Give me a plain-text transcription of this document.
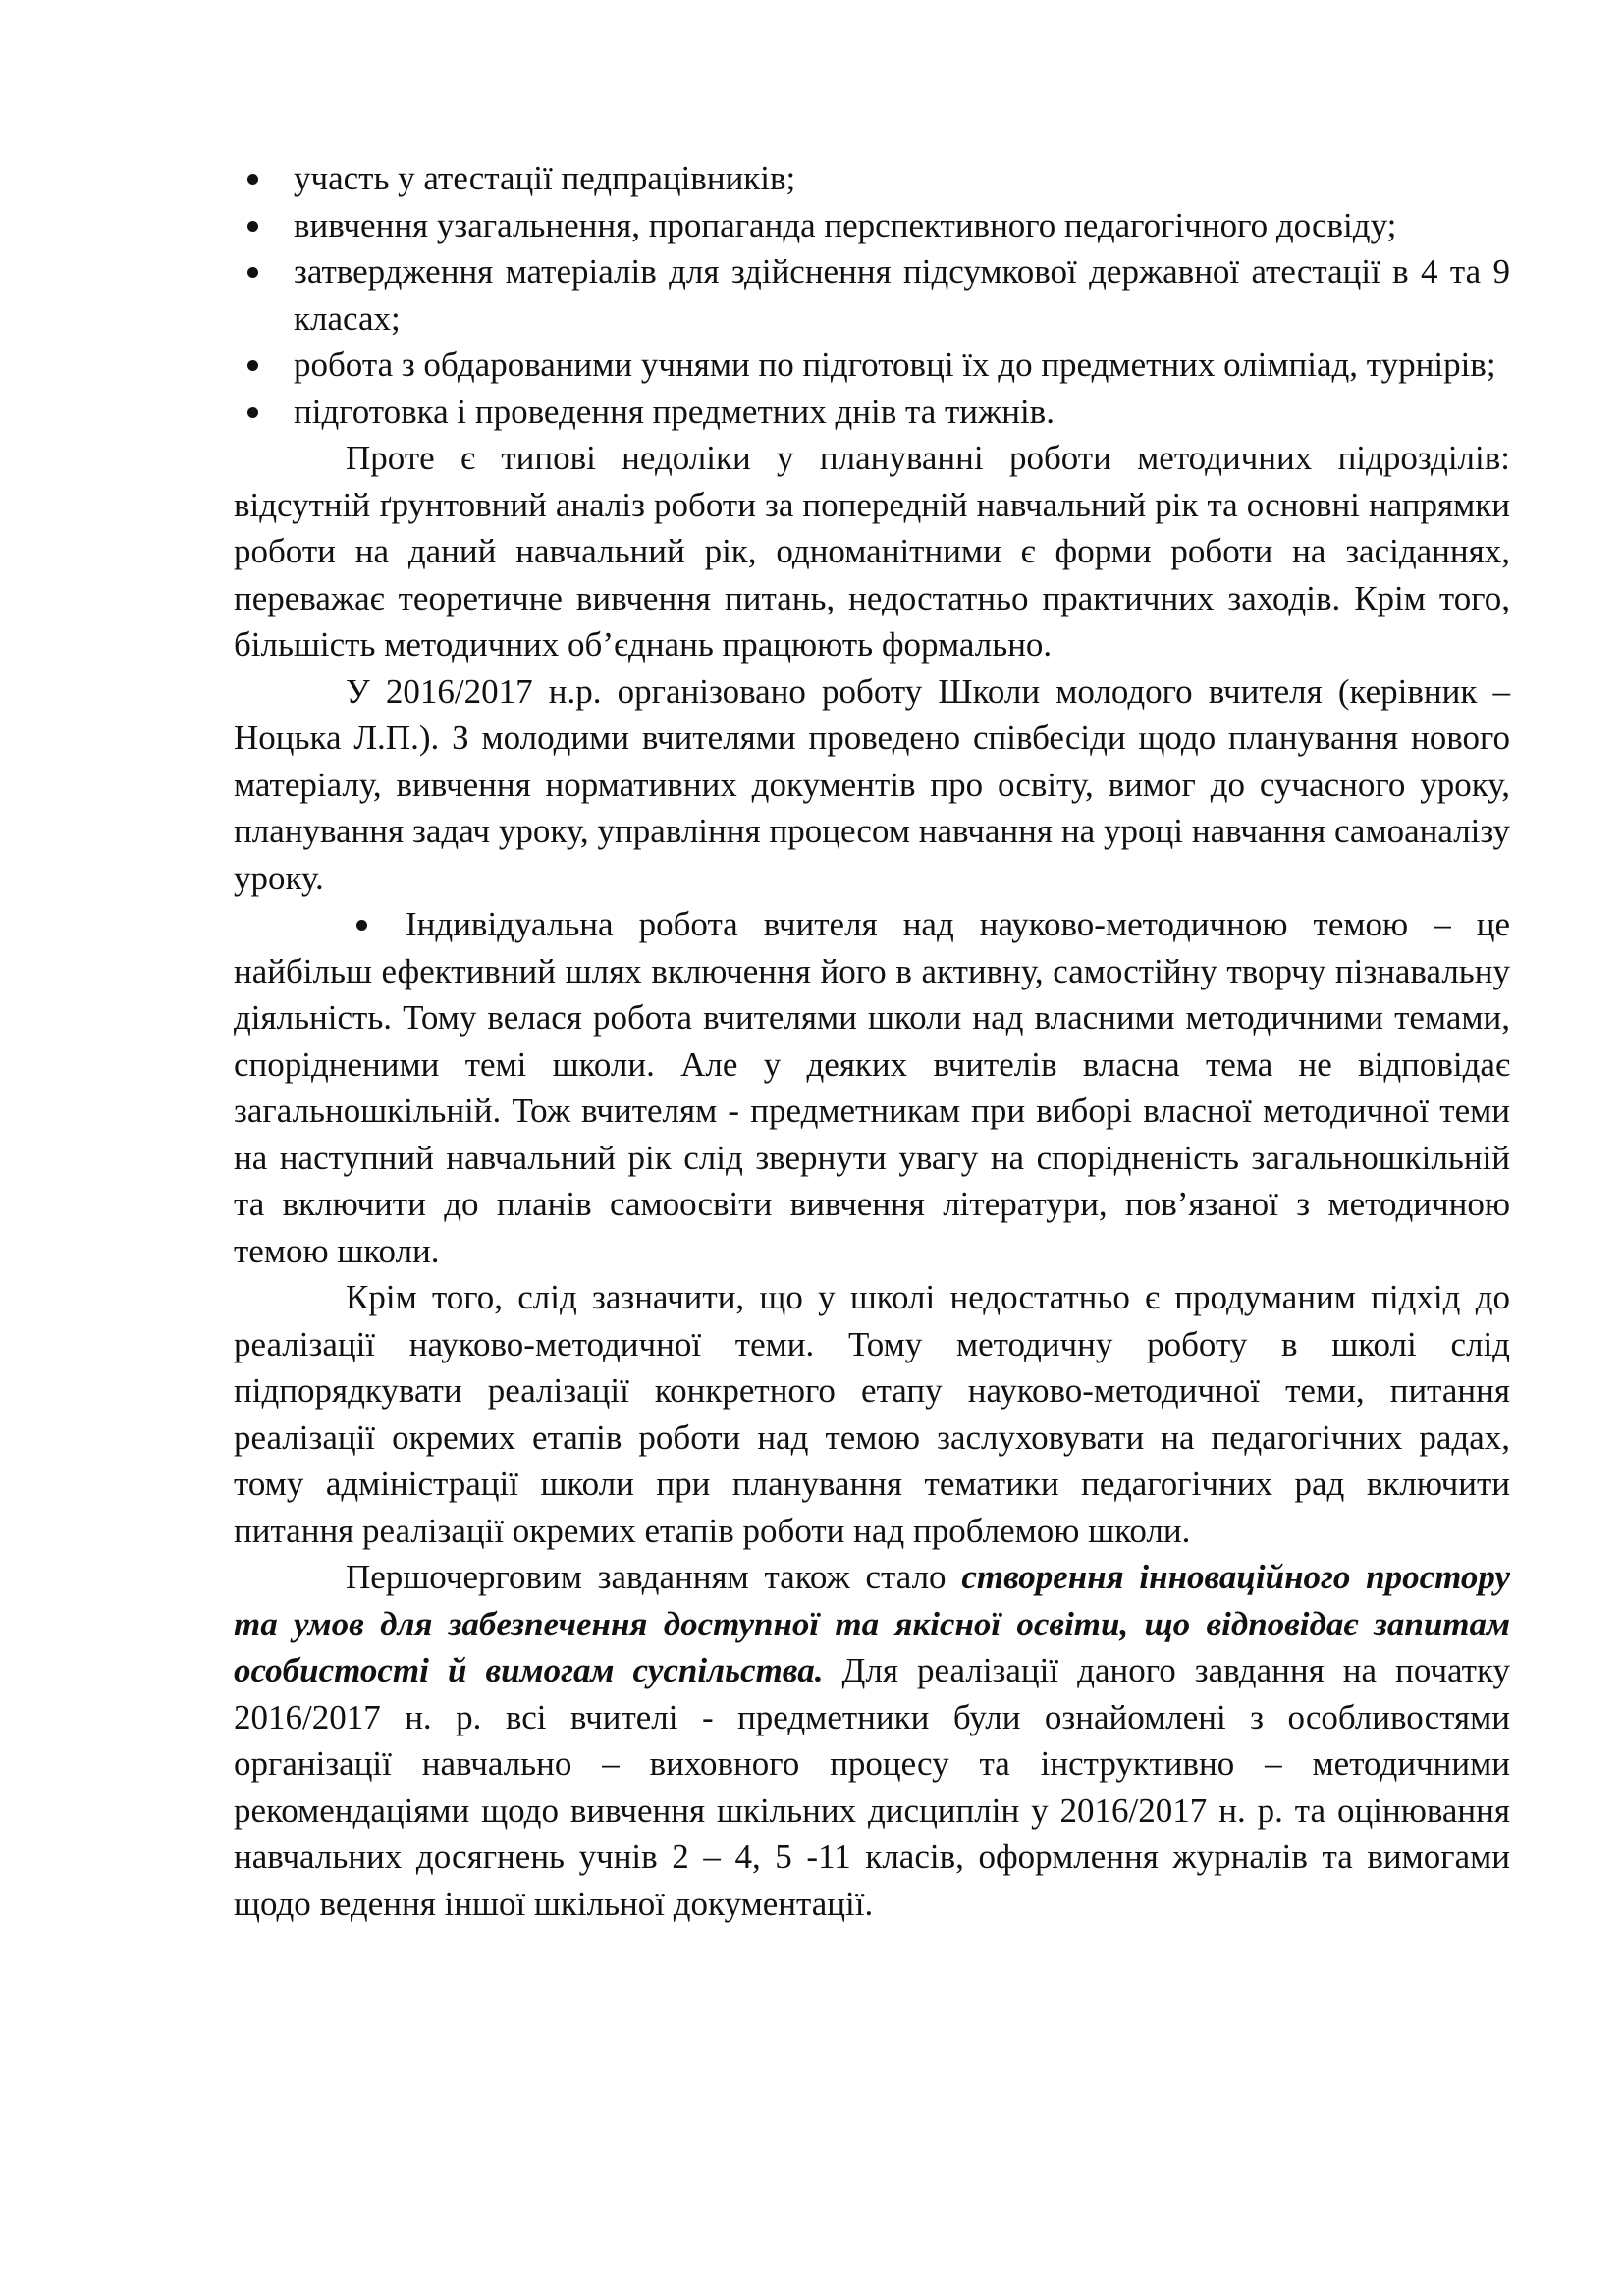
участь у атестації педпрацівників;
вивчення узагальнення, пропаганда перспективного педагогічного досвіду;
затвердження матеріалів для здійснення підсумкової державної атестації в 4 та 9 класах;
робота з обдарованими учнями по підготовці їх до предметних олімпіад, турнірів;
підготовка і проведення предметних днів та тижнів.

Проте є типові недоліки у плануванні роботи методичних підрозділів: відсутній ґрунтовний аналіз роботи за попередній навчальний рік та основні напрямки роботи на даний навчальний рік, одноманітними є форми роботи на засіданнях, переважає теоретичне вивчення питань, недостатньо практичних заходів. Крім того, більшість методичних об’єднань працюють формально.

У 2016/2017 н.р. організовано роботу Школи молодого вчителя (керівник – Ноцька Л.П.). З молодими вчителями проведено співбесіди щодо планування нового матеріалу, вивчення нормативних документів про освіту, вимог до сучасного уроку, планування задач уроку, управління процесом навчання на уроці навчання самоаналізу уроку.

Індивідуальна робота вчителя над науково-методичною темою – це найбільш ефективний шлях включення його в активну, самостійну творчу пізнавальну діяльність. Тому велася робота вчителями школи над власними методичними темами, спорідненими темі школи. Але у деяких вчителів власна тема не відповідає загальношкільній. Тож вчителям - предметникам при виборі власної методичної теми на наступний навчальний рік слід звернути увагу на спорідненість загальношкільній та включити до планів самоосвіти вивчення літератури, пов’язаної з методичною темою школи.

Крім того, слід зазначити, що у школі недостатньо є продуманим підхід до реалізації науково-методичної теми. Тому методичну роботу в школі слід підпорядкувати реалізації конкретного етапу науково-методичної теми, питання реалізації окремих етапів роботи над темою заслуховувати на педагогічних радах, тому адміністрації школи при планування тематики педагогічних рад включити питання реалізації окремих етапів роботи над проблемою школи.

Першочерговим завданням також стало створення інноваційного простору та умов для забезпечення доступної та якісної освіти, що відповідає запитам особистості й вимогам суспільства. Для реалізації даного завдання на початку 2016/2017 н. р. всі вчителі - предметники були ознайомлені з особливостями організації навчально – виховного процесу та інструктивно – методичними рекомендаціями щодо вивчення шкільних дисциплін у 2016/2017 н. р. та оцінювання навчальних досягнень учнів 2 – 4, 5 -11 класів, оформлення журналів та вимогами щодо ведення іншої шкільної документації.
